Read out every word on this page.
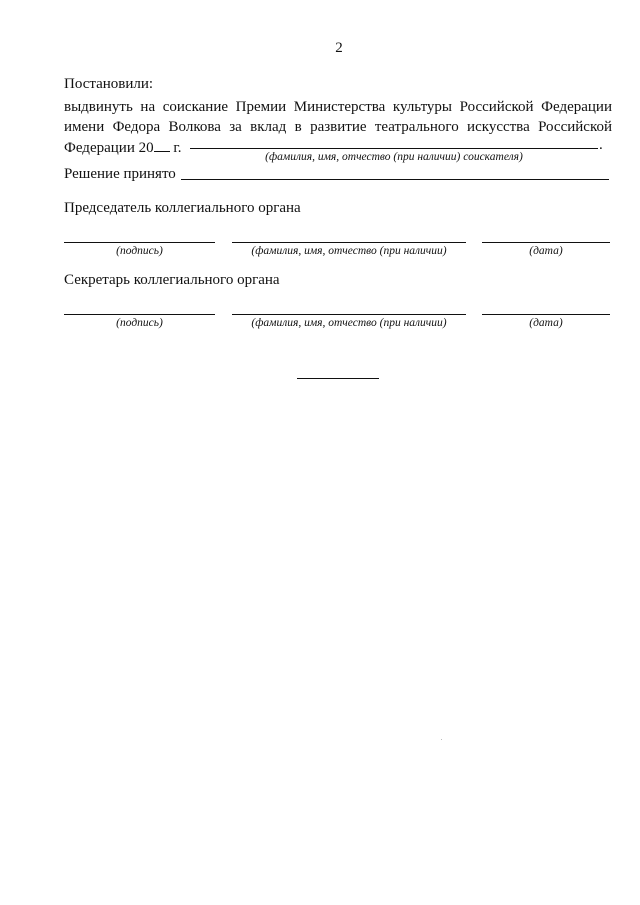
2
Постановили:
выдвинуть на соискание Премии Министерства культуры Российской Федерации
имени Федора Волкова за вклад в развитие театрального искусства Российской
Федерации 20 г.	.
(фамилия, имя, отчество (при наличии) соискателя)
Решение принято
Председатель коллегиального органа
(подпись)	(фамилия, имя, отчество (при наличии)	(дата)
Секретарь коллегиального органа
(подпись)	(фамилия, имя, отчество (при наличии)	(дата)
